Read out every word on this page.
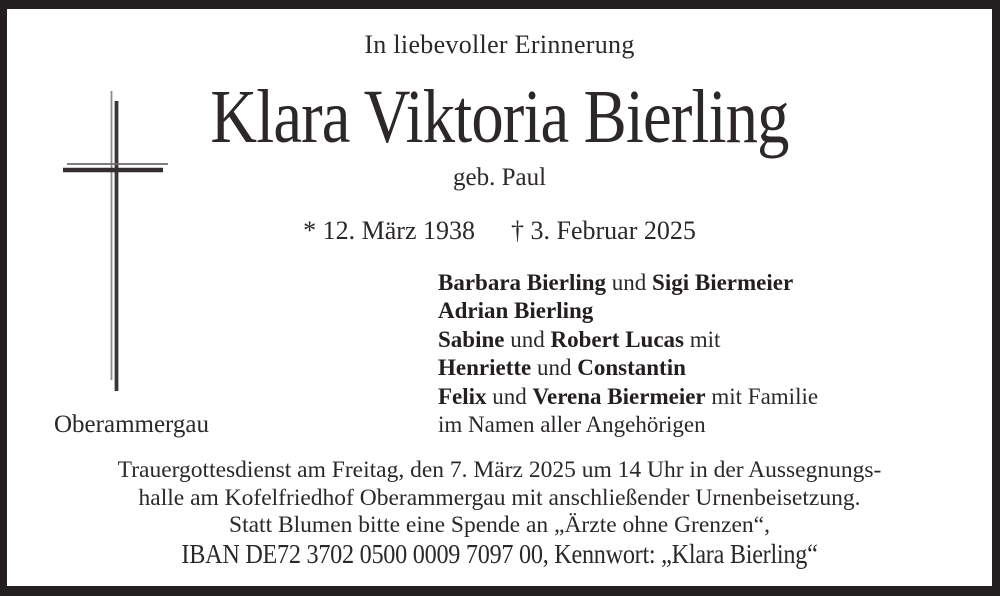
In liebevoller Erinnerung
Klara Viktoria Bierling
geb. Paul
* 12. März 1938 † 3. Februar 2025
Barbara Bierling und Sigi Biermeier
Adrian Bierling
Sabine und Robert Lucas mit
Henriette und Constantin
Felix und Verena Biermeier mit Familie
im Namen aller Angehörigen
Oberammergau
Trauergottesdienst am Freitag, den 7. März 2025 um 14 Uhr in der Aussegnungs-
halle am Kofelfriedhof Oberammergau mit anschließender Urnenbeisetzung.
Statt Blumen bitte eine Spende an „Ärzte ohne Grenzen“,
IBAN DE72 3702 0500 0009 7097 00, Kennwort: „Klara Bierling“
